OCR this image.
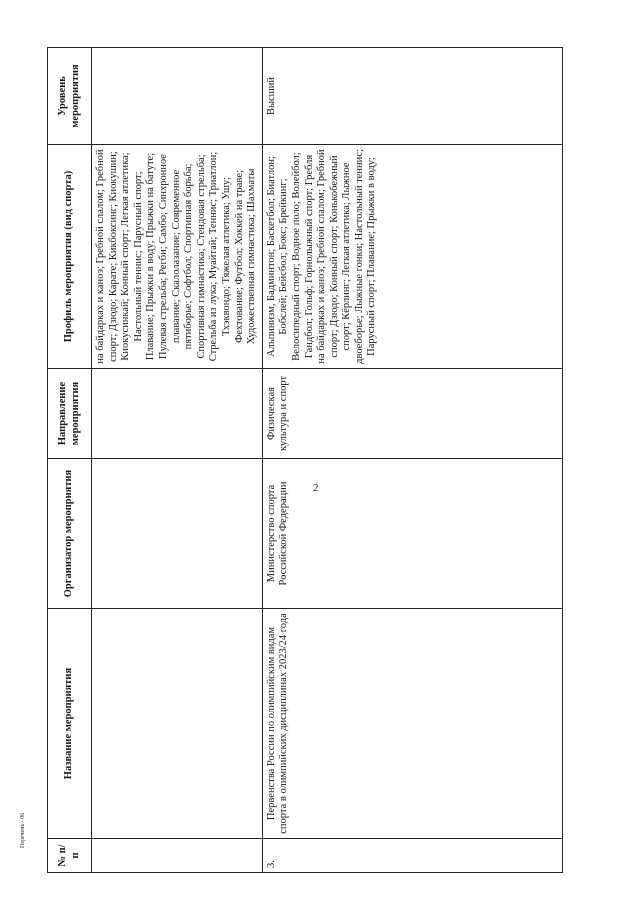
2
№ п/п	Название мероприятия	Организатор мероприятия	Направление мероприятия	Профиль мероприятия (вид спорта)	Уровень мероприятия
				на байдарках и каноэ; Гребной слалом; Гребной спорт; Дзюдо; Карате; Кикбоксинг; Киокушин; Киокусинкай; Конный спорт; Легкая атлетика; Настольный теннис; Парусный спорт; Плавание; Прыжки в воду; Прыжки на батуте; Пулевая стрельба; Регби; Самбо; Синхронное плавание; Скалолазание; Современное пятиборье; Софтбол; Спортивная борьба; Спортивная гимнастика; Стендовая стрельба; Стрельба из лука; Муайтай; Теннис; Триатлон; Тхэквондо; Тяжелая атлетика; Ушу; Фехтование; Футбол; Хоккей на траве; Художественная гимнастика; Шахматы	
3.	Первенства России по олимпийским видам спорта в олимпийских дисциплинах 2023/24 года	Министерство спорта Российской Федерации	Физическая культура и спорт	Альпинизм, Бадминтон; Баскетбол; Биатлон; Бобслей; Бейсбол; Бокс; Брейкинг; Велосипедный спорт; Водное поло; Волейбол; Гандбол; Гольф; Горнолыжный спорт; Гребля на байдарках и каноэ; Гребной слалом; Гребной спорт; Дзюдо; Конный спорт; Конькобежный спорт; Кёрлинг; Легкая атлетика; Лыжное двоеборье; Лыжные гонки; Настольный теннис; Парусный спорт; Плавание; Прыжки в воду;	Высший
Перечень - 06
